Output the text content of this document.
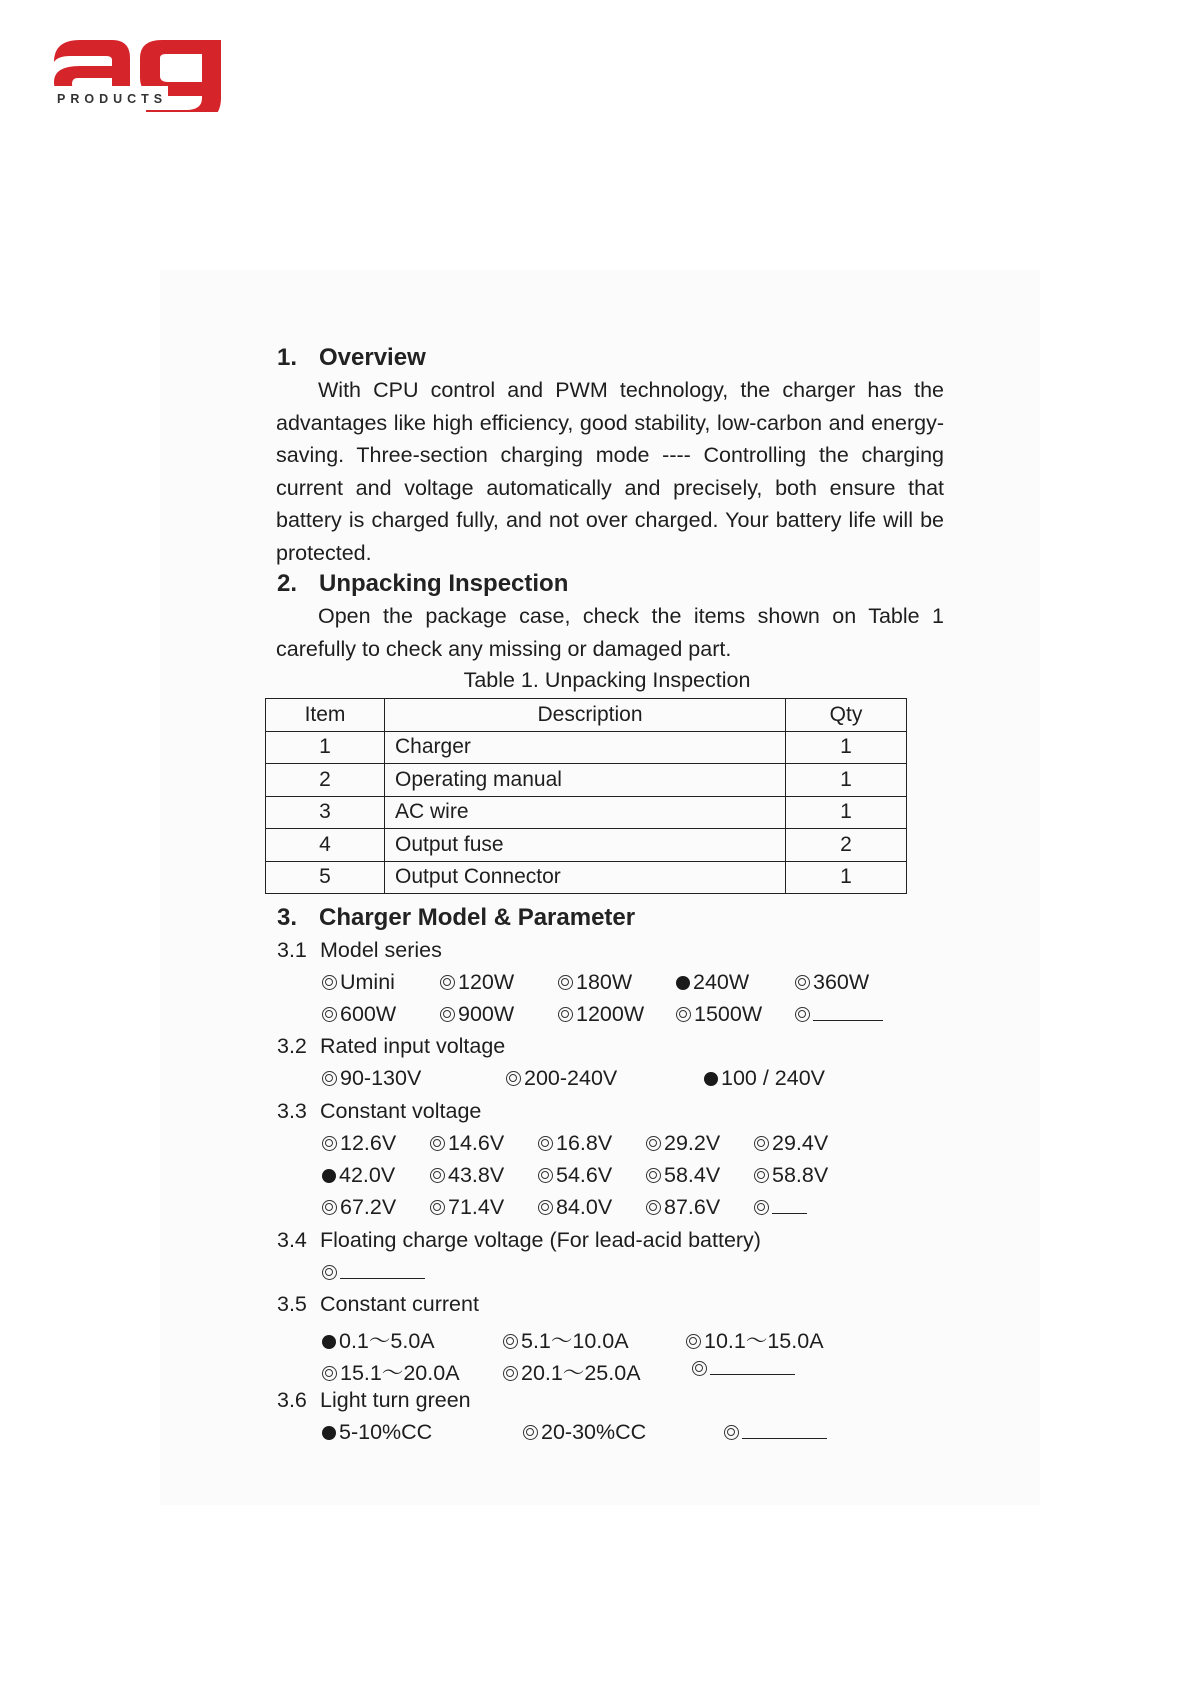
PRODUCTS
1. Overview
With CPU control and PWM technology, the charger has the advantages like high efficiency, good stability, low-carbon and energy-saving. Three-section charging mode ---- Controlling the charging current and voltage automatically and precisely, both ensure that battery is charged fully, and not over charged. Your battery life will be protected.
2. Unpacking Inspection
Open the package case, check the items shown on Table 1 carefully to check any missing or damaged part.
Table 1. Unpacking Inspection
Item	Description	Qty
1	Charger	1
2	Operating manual	1
3	AC wire	1
4	Output fuse	2
5	Output Connector	1
3. Charger Model & Parameter
3.1 Model series
Umini	120W	180W	240W	360W
600W	900W	1200W	1500W
3.2 Rated input voltage
90-130V	200-240V	100 / 240V
3.3 Constant voltage
12.6V	14.6V	16.8V	29.2V	29.4V
42.0V	43.8V	54.6V	58.4V	58.8V
67.2V	71.4V	84.0V	87.6V
3.4 Floating charge voltage (For lead-acid battery)
3.5 Constant current
0.1～5.0A	5.1～10.0A	10.1～15.0A
15.1～20.0A	20.1～25.0A
3.6 Light turn green
5-10%CC	20-30%CC
